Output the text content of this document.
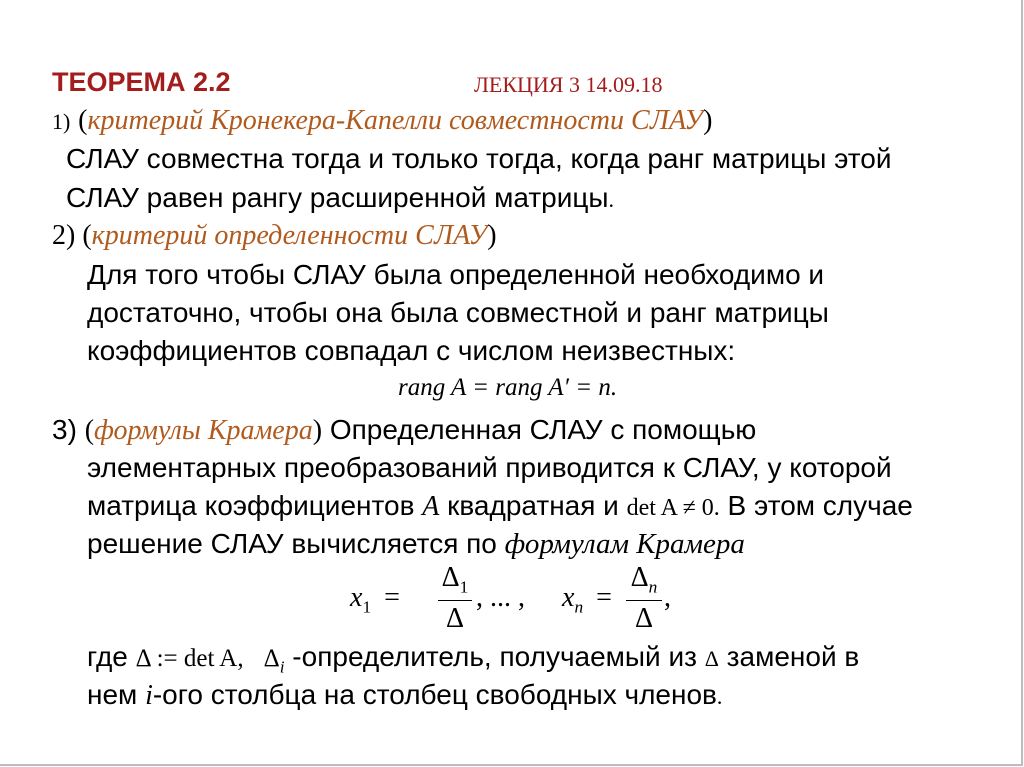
ТЕОРЕМА 2.2	ЛЕКЦИЯ 3 14.09.18
1) (критерий Кронекера-Капелли совместности СЛАУ)
СЛАУ совместна тогда и только тогда, когда ранг матрицы этой
СЛАУ равен рангу расширенной матрицы.
2) (критерий определенности СЛАУ)
Для того чтобы СЛАУ была определенной необходимо и
достаточно, чтобы она была совместной и ранг матрицы
коэффициентов совпадал с числом неизвестных:
rang A = rang A′ = n.
3) (формулы Крамера) Определенная СЛАУ с помощью
элементарных преобразований приводится к СЛАУ, у которой
матрица коэффициентов A квадратная и det A ≠ 0. В этом случае
решение СЛАУ вычисляется по формулам Крамера
$x_1$ =
$\Delta_1$
Δ
, ... , $x_n$ =
$\Delta_n$
Δ
,
где Δ := det A, $\Delta_i$ -определитель, получаемый из Δ заменой в
нем i-ого столбца на столбец свободных членов.
